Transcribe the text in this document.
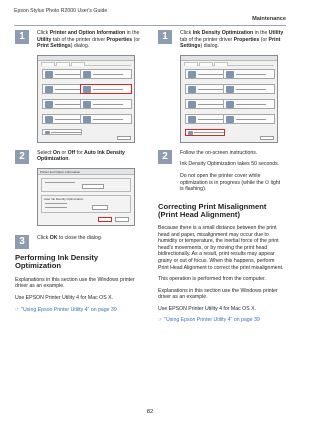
Epson Stylus Photo R2000 User's Guide
Maintenance
1	Click Printer and Option Information in the Utility tab of the printer driver Properties (or Print Settings) dialog.
2	Select On or Off for Auto Ink Density Optimization.
Printer and Option Information
Auto Ink Density Optimization
3	Click OK to close the dialog.
Performing Ink Density Optimization

Explanations in this section use the Windows printer driver as an example.

Use EPSON Printer Utility 4 for Mac OS X.

☞ "Using Epson Printer Utility 4" on page 39
1	Click Ink Density Optimization in the Utility tab of the printer driver Properties (or Print Settings) dialog.
2	Follow the on-screen instructions.
Ink Density Optimization takes 50 seconds.
Do not open the printer cover while optimization is in progress (while the ⏻ light is flashing).
Correcting Print Misalignment (Print Head Alignment)

Because there is a small distance between the print head and paper, misalignment may occur due to humidity or temperature, the inertial force of the print head's movements, or by moving the print head bidirectionally. As a result, print results may appear grainy or out of focus. When this happens, perform Print Head Alignment to correct the print misalignment.

This operation is performed from the computer.

Explanations in this section use the Windows printer driver as an example.

Use EPSON Printer Utility 4 for Mac OS X.

☞ "Using Epson Printer Utility 4" on page 39
82
